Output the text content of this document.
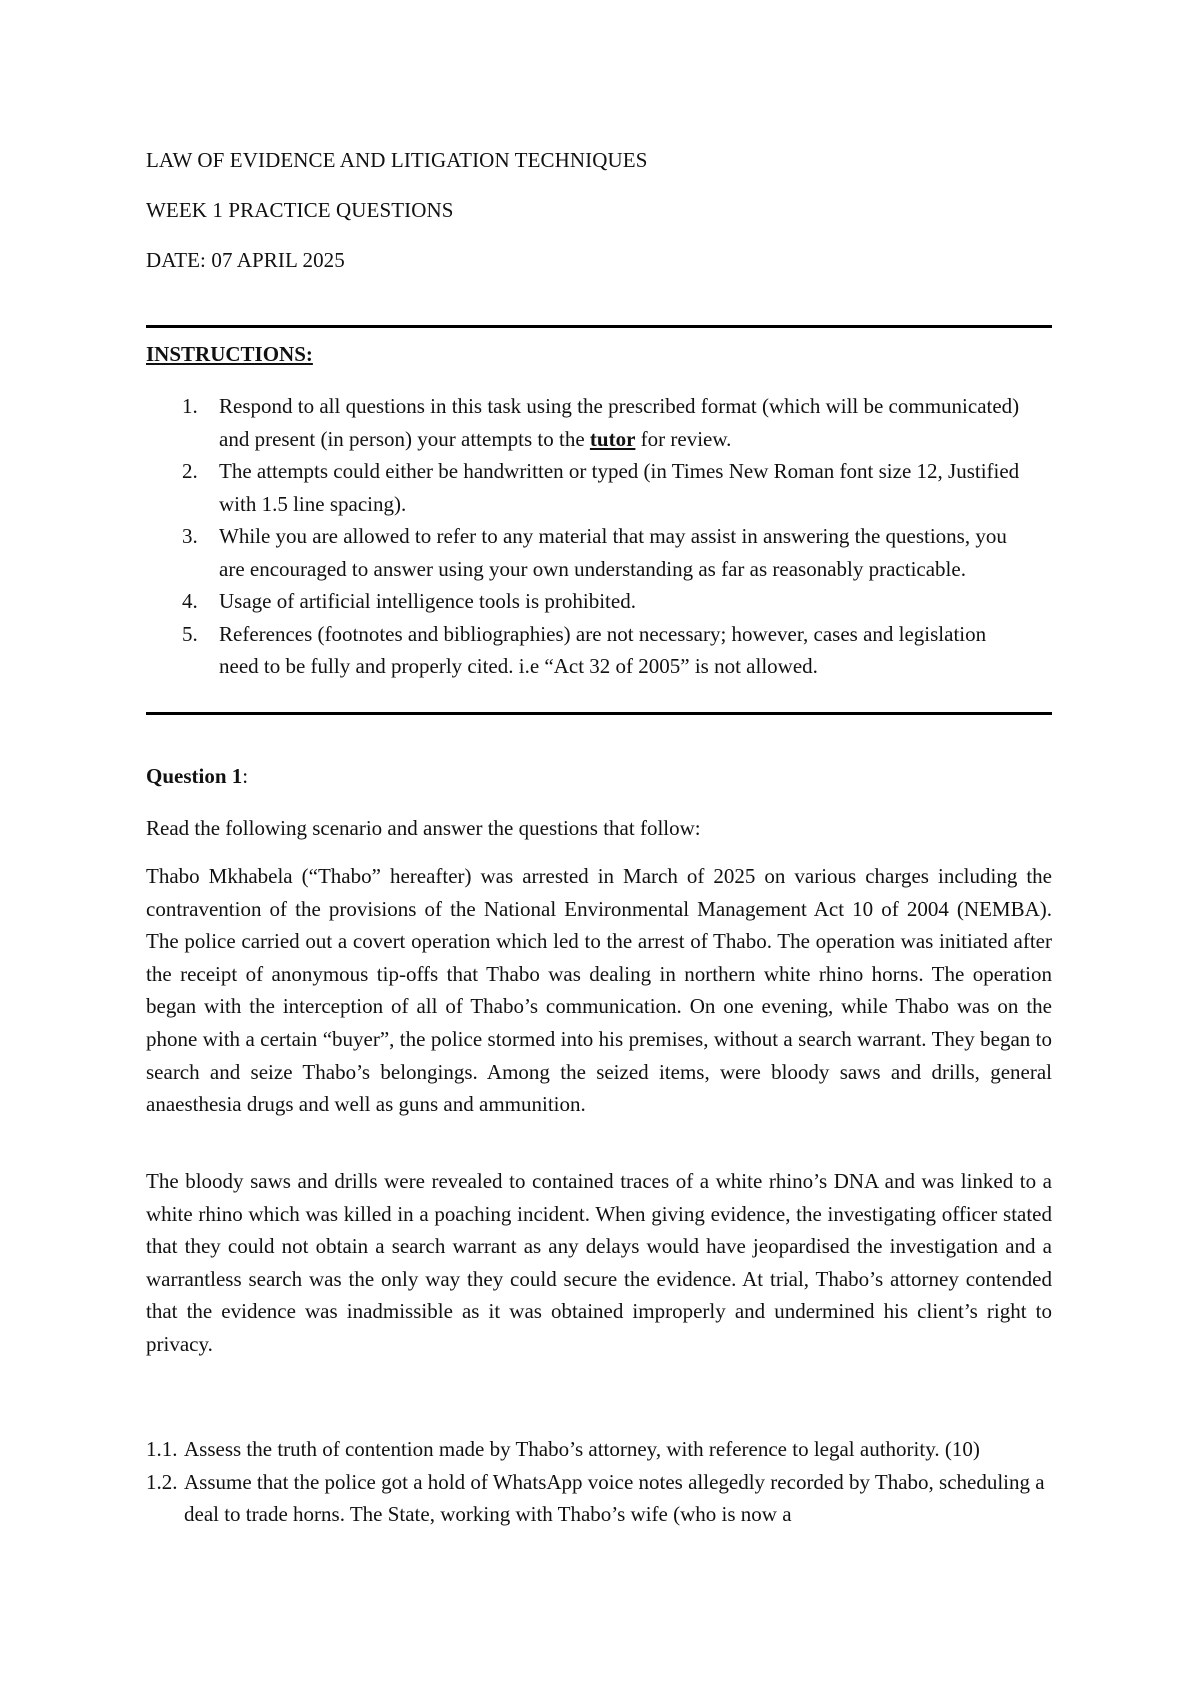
LAW OF EVIDENCE AND LITIGATION TECHNIQUES
WEEK 1 PRACTICE QUESTIONS
DATE: 07 APRIL 2025
INSTRUCTIONS:
1. Respond to all questions in this task using the prescribed format (which will be communicated) and present (in person) your attempts to the tutor for review.
2. The attempts could either be handwritten or typed (in Times New Roman font size 12, Justified with 1.5 line spacing).
3. While you are allowed to refer to any material that may assist in answering the questions, you are encouraged to answer using your own understanding as far as reasonably practicable.
4. Usage of artificial intelligence tools is prohibited.
5. References (footnotes and bibliographies) are not necessary; however, cases and legislation need to be fully and properly cited. i.e “Act 32 of 2005” is not allowed.
Question 1:

Read the following scenario and answer the questions that follow:

Thabo Mkhabela (“Thabo” hereafter) was arrested in March of 2025 on various charges including the contravention of the provisions of the National Environmental Management Act 10 of 2004 (NEMBA). The police carried out a covert operation which led to the arrest of Thabo. The operation was initiated after the receipt of anonymous tip-offs that Thabo was dealing in northern white rhino horns. The operation began with the interception of all of Thabo’s communication. On one evening, while Thabo was on the phone with a certain “buyer”, the police stormed into his premises, without a search warrant. They began to search and seize Thabo’s belongings. Among the seized items, were bloody saws and drills, general anaesthesia drugs and well as guns and ammunition.

The bloody saws and drills were revealed to contained traces of a white rhino’s DNA and was linked to a white rhino which was killed in a poaching incident. When giving evidence, the investigating officer stated that they could not obtain a search warrant as any delays would have jeopardised the investigation and a warrantless search was the only way they could secure the evidence. At trial, Thabo’s attorney contended that the evidence was inadmissible as it was obtained improperly and undermined his client’s right to privacy.

1.1. Assess the truth of contention made by Thabo’s attorney, with reference to legal authority. (10)
1.2. Assume that the police got a hold of WhatsApp voice notes allegedly recorded by Thabo, scheduling a deal to trade horns. The State, working with Thabo’s wife (who is now a
